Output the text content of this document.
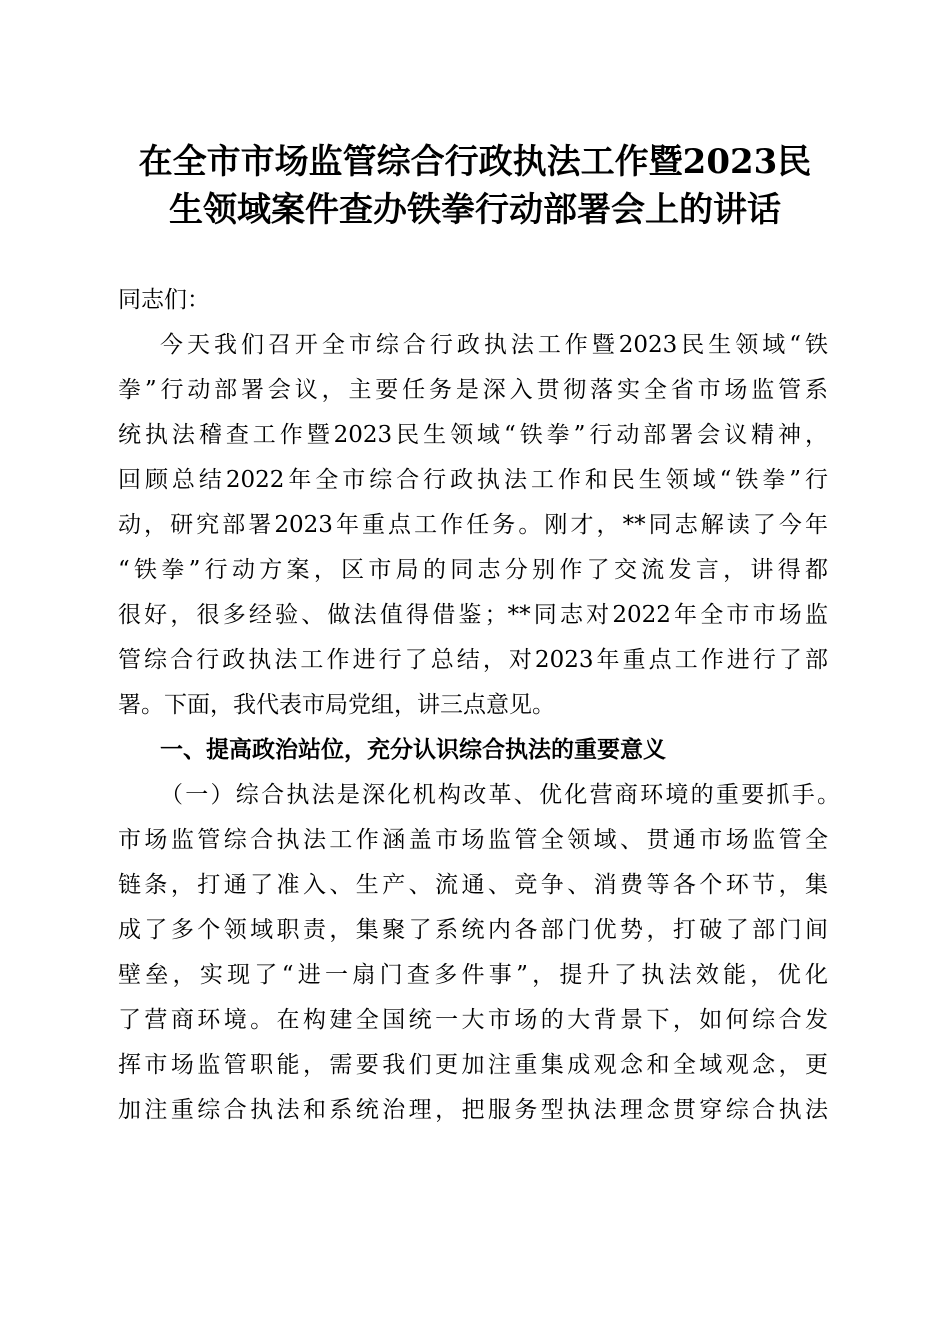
在全市市场监管综合行政执法工作暨2023民
生领域案件查办铁拳行动部署会上的讲话
同志们：
今天我们召开全市综合行政执法工作暨2023民生领域“铁
拳”行动部署会议，主要任务是深入贯彻落实全省市场监管系
统执法稽查工作暨2023民生领域“铁拳”行动部署会议精神，
回顾总结2022年全市综合行政执法工作和民生领域“铁拳”行
动，研究部署2023年重点工作任务。刚才，**同志解读了今年
“铁拳”行动方案，区市局的同志分别作了交流发言，讲得都
很好，很多经验、做法值得借鉴；**同志对2022年全市市场监
管综合行政执法工作进行了总结，对2023年重点工作进行了部
署。下面，我代表市局党组，讲三点意见。
一、提高政治站位，充分认识综合执法的重要意义
（一）综合执法是深化机构改革、优化营商环境的重要抓手。
市场监管综合执法工作涵盖市场监管全领域、贯通市场监管全
链条，打通了准入、生产、流通、竞争、消费等各个环节，集
成了多个领域职责，集聚了系统内各部门优势，打破了部门间
壁垒，实现了“进一扇门查多件事”，提升了执法效能，优化
了营商环境。在构建全国统一大市场的大背景下，如何综合发
挥市场监管职能，需要我们更加注重集成观念和全域观念，更
加注重综合执法和系统治理，把服务型执法理念贯穿综合执法
